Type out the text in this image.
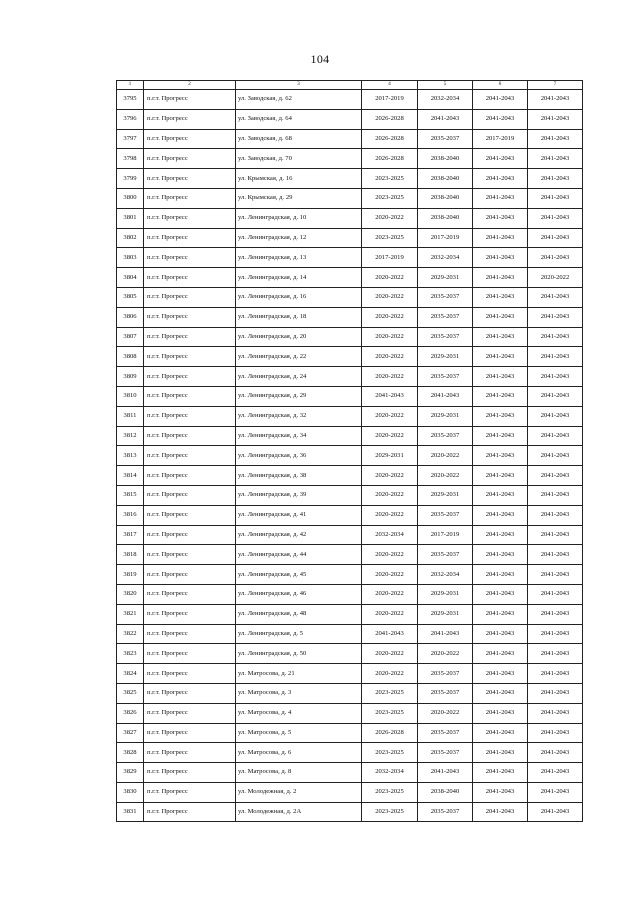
104
1	2	3	4	5	6	7
3795	п.г.т. Прогресс	ул. Заводская, д. 62	2017-2019	2032-2034	2041-2043	2041-2043
3796	п.г.т. Прогресс	ул. Заводская, д. 64	2026-2028	2041-2043	2041-2043	2041-2043
3797	п.г.т. Прогресс	ул. Заводская, д. 68	2026-2028	2035-2037	2017-2019	2041-2043
3798	п.г.т. Прогресс	ул. Заводская, д. 70	2026-2028	2038-2040	2041-2043	2041-2043
3799	п.г.т. Прогресс	ул. Крымская, д. 16	2023-2025	2038-2040	2041-2043	2041-2043
3800	п.г.т. Прогресс	ул. Крымская, д. 29	2023-2025	2038-2040	2041-2043	2041-2043
3801	п.г.т. Прогресс	ул. Ленинградская, д. 10	2020-2022	2038-2040	2041-2043	2041-2043
3802	п.г.т. Прогресс	ул. Ленинградская, д. 12	2023-2025	2017-2019	2041-2043	2041-2043
3803	п.г.т. Прогресс	ул. Ленинградская, д. 13	2017-2019	2032-2034	2041-2043	2041-2043
3804	п.г.т. Прогресс	ул. Ленинградская, д. 14	2020-2022	2029-2031	2041-2043	2020-2022
3805	п.г.т. Прогресс	ул. Ленинградская, д. 16	2020-2022	2035-2037	2041-2043	2041-2043
3806	п.г.т. Прогресс	ул. Ленинградская, д. 18	2020-2022	2035-2037	2041-2043	2041-2043
3807	п.г.т. Прогресс	ул. Ленинградская, д. 20	2020-2022	2035-2037	2041-2043	2041-2043
3808	п.г.т. Прогресс	ул. Ленинградская, д. 22	2020-2022	2029-2031	2041-2043	2041-2043
3809	п.г.т. Прогресс	ул. Ленинградская, д. 24	2020-2022	2035-2037	2041-2043	2041-2043
3810	п.г.т. Прогресс	ул. Ленинградская, д. 29	2041-2043	2041-2043	2041-2043	2041-2043
3811	п.г.т. Прогресс	ул. Ленинградская, д. 32	2020-2022	2029-2031	2041-2043	2041-2043
3812	п.г.т. Прогресс	ул. Ленинградская, д. 34	2020-2022	2035-2037	2041-2043	2041-2043
3813	п.г.т. Прогресс	ул. Ленинградская, д. 36	2029-2031	2020-2022	2041-2043	2041-2043
3814	п.г.т. Прогресс	ул. Ленинградская, д. 38	2020-2022	2020-2022	2041-2043	2041-2043
3815	п.г.т. Прогресс	ул. Ленинградская, д. 39	2020-2022	2029-2031	2041-2043	2041-2043
3816	п.г.т. Прогресс	ул. Ленинградская, д. 41	2020-2022	2035-2037	2041-2043	2041-2043
3817	п.г.т. Прогресс	ул. Ленинградская, д. 42	2032-2034	2017-2019	2041-2043	2041-2043
3818	п.г.т. Прогресс	ул. Ленинградская, д. 44	2020-2022	2035-2037	2041-2043	2041-2043
3819	п.г.т. Прогресс	ул. Ленинградская, д. 45	2020-2022	2032-2034	2041-2043	2041-2043
3820	п.г.т. Прогресс	ул. Ленинградская, д. 46	2020-2022	2029-2031	2041-2043	2041-2043
3821	п.г.т. Прогресс	ул. Ленинградская, д. 48	2020-2022	2029-2031	2041-2043	2041-2043
3822	п.г.т. Прогресс	ул. Ленинградская, д. 5	2041-2043	2041-2043	2041-2043	2041-2043
3823	п.г.т. Прогресс	ул. Ленинградская, д. 50	2020-2022	2020-2022	2041-2043	2041-2043
3824	п.г.т. Прогресс	ул. Матросова, д. 21	2020-2022	2035-2037	2041-2043	2041-2043
3825	п.г.т. Прогресс	ул. Матросова, д. 3	2023-2025	2035-2037	2041-2043	2041-2043
3826	п.г.т. Прогресс	ул. Матросова, д. 4	2023-2025	2020-2022	2041-2043	2041-2043
3827	п.г.т. Прогресс	ул. Матросова, д. 5	2026-2028	2035-2037	2041-2043	2041-2043
3828	п.г.т. Прогресс	ул. Матросова, д. 6	2023-2025	2035-2037	2041-2043	2041-2043
3829	п.г.т. Прогресс	ул. Матросова, д. 8	2032-2034	2041-2043	2041-2043	2041-2043
3830	п.г.т. Прогресс	ул. Молодежная, д. 2	2023-2025	2038-2040	2041-2043	2041-2043
3831	п.г.т. Прогресс	ул. Молодежная, д. 2А	2023-2025	2035-2037	2041-2043	2041-2043
